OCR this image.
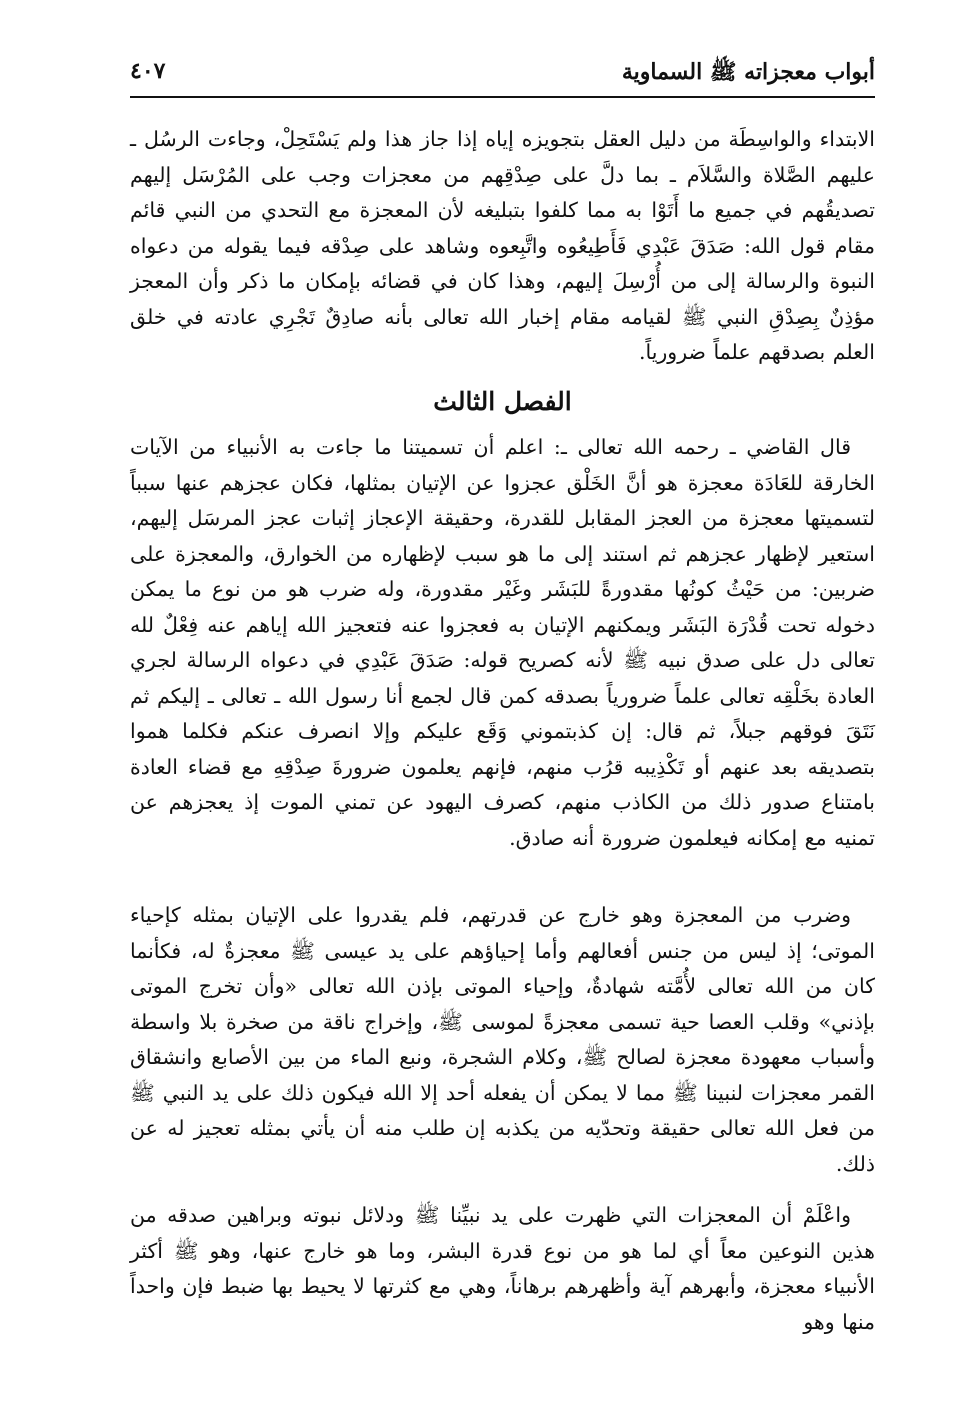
أبواب معجزاته ﷺ السماوية
٤٠٧

الابتداء والواسِطَة من دليل العقل بتجويزه إياه إذا جاز هذا ولم يَسْتَحِلْ، وجاءت الرسُل ـ عليهم الصَّلاة والسَّلاَم ـ بما دلَّ على صِدْقِهم من معجزات وجب على المُرْسَل إليهم تصديقُهم في جميع ما أَتَوْا به مما كلفوا بتبليغه لأن المعجزة مع التحدي من النبي قائم مقام قول الله: صَدَقَ عَبْدِي فَأَطِيعُوه واتَّبِعوه وشاهد على صِدْقه فيما يقوله من دعواه النبوة والرسالة إلى من أُرْسِلَ إليهم، وهذا كان في قضائه بإمكان ما ذكر وأن المعجز مؤذِنٌ بِصِدْقِ النبي ﷺ لقيامه مقام إخبار الله تعالى بأنه صادِقٌ تَجْرِي عادته في خلق العلم بصدقهم علماً ضرورياً.

الفصل الثالث

قال القاضي ـ رحمه الله تعالى ـ: اعلم أن تسميتنا ما جاءت به الأنبياء من الآيات الخارقة للعَادَة معجزة هو أنَّ الخَلْق عجزوا عن الإتيان بمثلها، فكان عجزهم عنها سبباً لتسميتها معجزة من العجز المقابل للقدرة، وحقيقة الإعجاز إثبات عجز المرسَل إليهم، استعير لإظهار عجزهم ثم استند إلى ما هو سبب لإظهاره من الخوارق، والمعجزة على ضربين: من حَيْثُ كونُها مقدورةً للبَشَر وغَيْر مقدورة، وله ضرب هو من نوع ما يمكن دخوله تحت قُدْرَة البَشَر ويمكنهم الإتيان به فعجزوا عنه فتعجيز الله إياهم عنه فِعْلٌ لله تعالى دل على صدق نبيه ﷺ لأنه كصريح قوله: صَدَقَ عَبْدِي في دعواه الرسالة لجري العادة بخَلْقِه تعالى علماً ضرورياً بصدقه كمن قال لجمع أنا رسول الله ـ تعالى ـ إليكم ثم نَتَقَ فوقهم جبلاً، ثم قال: إن كذبتموني وَقَع عليكم وإلا انصرف عنكم فكلما هموا بتصديقه بعد عنهم أو تَكْذِيبه قرُب منهم، فإنهم يعلمون ضرورةَ صِدْقِهِ مع قضاء العادة بامتناع صدور ذلك من الكاذب منهم، كصرف اليهود عن تمني الموت إذ يعجزهم عن تمنيه مع إمكانه فيعلمون ضرورة أنه صادق.

وضرب من المعجزة وهو خارج عن قدرتهم، فلم يقدروا على الإتيان بمثله كإحياء الموتى؛ إذ ليس من جنس أفعالهم وأما إحياؤهم على يد عيسى ﷺ معجزةٌ له، فكأنما كان من الله تعالى لأُمَّته شهادةٌ، وإحياء الموتى بإذن الله تعالى «وأن تخرج الموتى بإذني» وقلب العصا حية تسمى معجزةً لموسى ﷺ، وإخراج ناقة من صخرة بلا واسطة وأسباب معهودة معجزة لصالح ﷺ، وكلام الشجرة، ونبع الماء من بين الأصابع وانشقاق القمر معجزات لنبينا ﷺ مما لا يمكن أن يفعله أحد إلا الله فيكون ذلك على يد النبي ﷺ من فعل الله تعالى حقيقة وتحدّيه من يكذبه إن طلب منه أن يأتي بمثله تعجيز له عن ذلك.

واعْلَمْ أن المعجزات التي ظهرت على يد نبيِّنا ﷺ ودلائل نبوته وبراهين صدقه من هذين النوعين معاً أي لما هو من نوع قدرة البشر، وما هو خارج عنها، وهو ﷺ أكثر الأنبياء معجزة، وأبهرهم آية وأظهرهم برهاناً، وهي مع كثرتها لا يحيط بها ضبط فإن واحداً منها وهو
